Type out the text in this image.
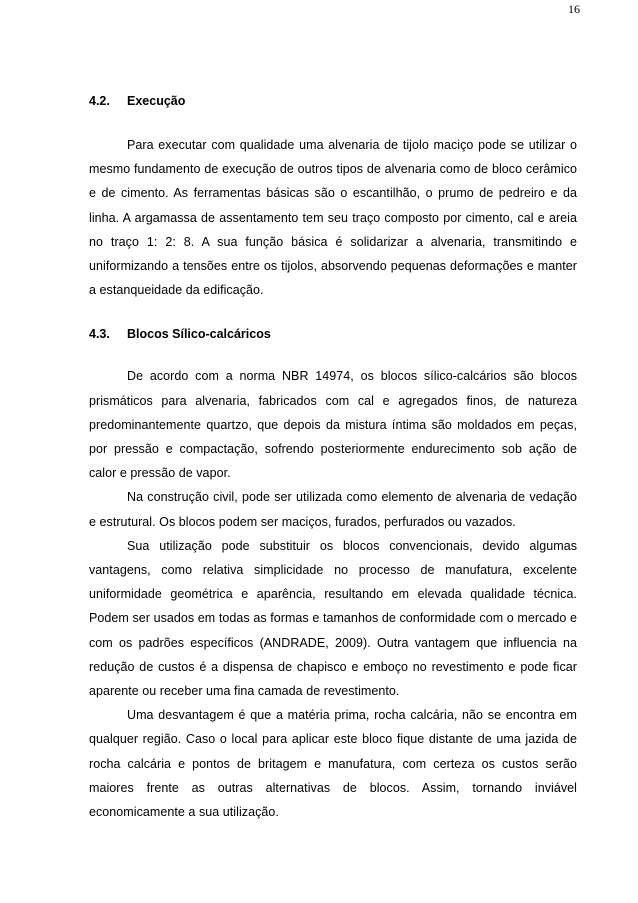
16
4.2.	Execução

Para executar com qualidade uma alvenaria de tijolo maciço pode se utilizar o mesmo fundamento de execução de outros tipos de alvenaria como de bloco cerâmico e de cimento. As ferramentas básicas são o escantilhão, o prumo de pedreiro e da linha. A argamassa de assentamento tem seu traço composto por cimento, cal e areia no traço 1: 2: 8. A sua função básica é solidarizar a alvenaria, transmitindo e uniformizando a tensões entre os tijolos, absorvendo pequenas deformações e manter a estanqueidade da edificação.

4.3.	Blocos Sílico-calcáricos

De acordo com a norma NBR 14974, os blocos sílico-calcários são blocos prismáticos para alvenaria, fabricados com cal e agregados finos, de natureza predominantemente quartzo, que depois da mistura íntima são moldados em peças, por pressão e compactação, sofrendo posteriormente endurecimento sob ação de calor e pressão de vapor.

Na construção civil, pode ser utilizada como elemento de alvenaria de vedação e estrutural. Os blocos podem ser maciços, furados, perfurados ou vazados.

Sua utilização pode substituir os blocos convencionais, devido algumas vantagens, como relativa simplicidade no processo de manufatura, excelente uniformidade geométrica e aparência, resultando em elevada qualidade técnica. Podem ser usados em todas as formas e tamanhos de conformidade com o mercado e com os padrões específicos (ANDRADE, 2009). Outra vantagem que influencia na redução de custos é a dispensa de chapisco e emboço no revestimento e pode ficar aparente ou receber uma fina camada de revestimento.

Uma desvantagem é que a matéria prima, rocha calcária, não se encontra em qualquer região. Caso o local para aplicar este bloco fique distante de uma jazida de rocha calcária e pontos de britagem e manufatura, com certeza os custos serão maiores frente as outras alternativas de blocos. Assim, tornando inviável economicamente a sua utilização.
